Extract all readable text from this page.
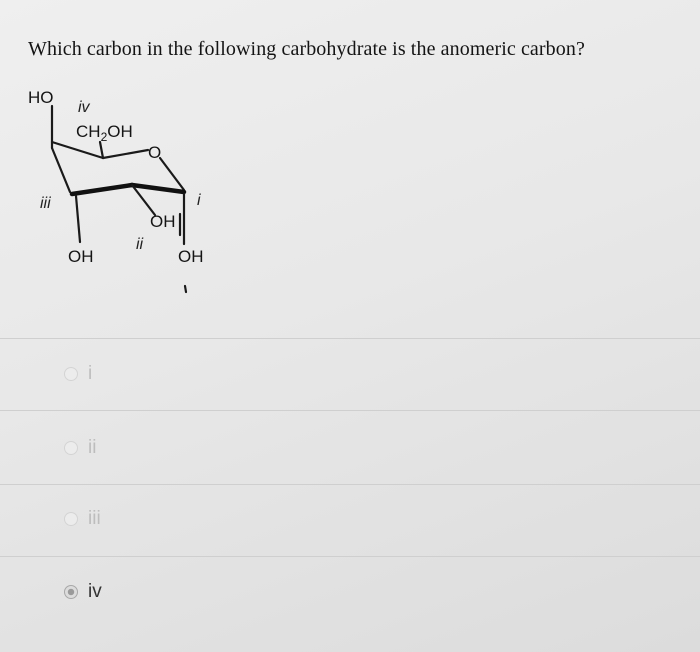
Which carbon in the following carbohydrate is the anomeric carbon?
HO
iv
$CH_2OH$
O
iii	i
OH
OH
ii
OH
i
ii
iii
iv
